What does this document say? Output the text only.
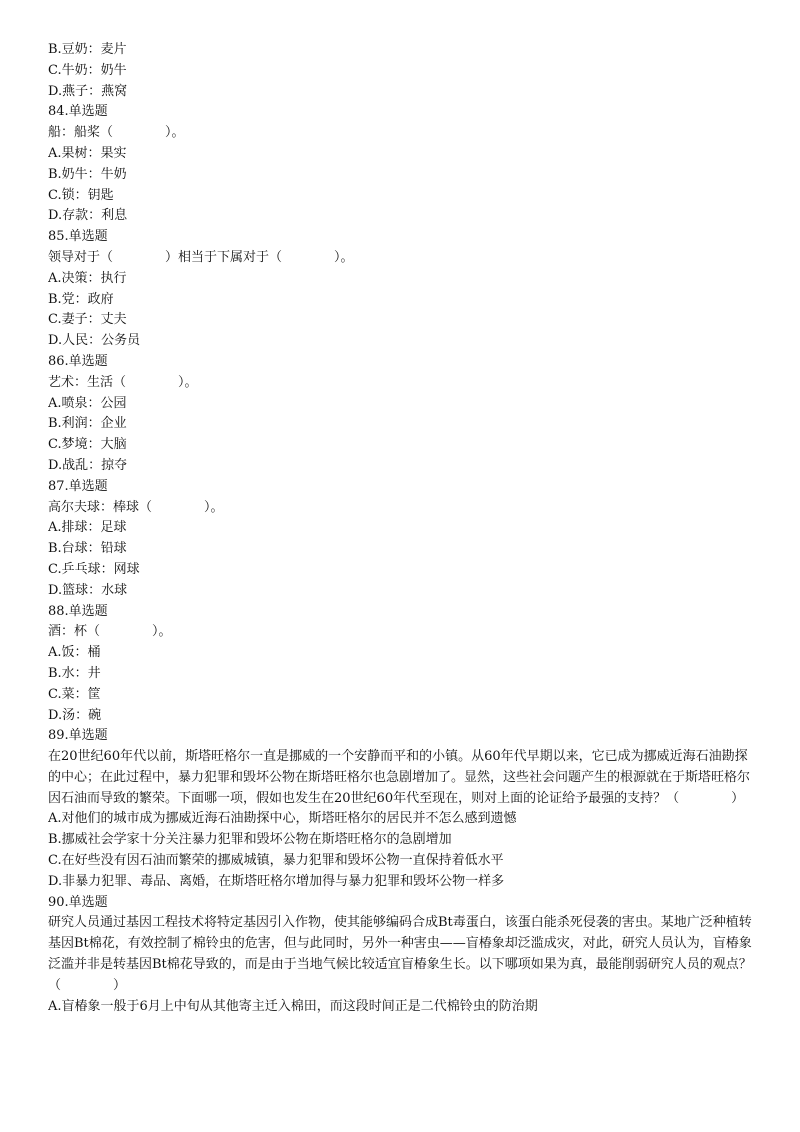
B.豆奶：麦片
C.牛奶：奶牛
D.燕子：燕窝
84.单选题
船：船桨（　　　　）。
A.果树：果实
B.奶牛：牛奶
C.锁：钥匙
D.存款：利息
85.单选题
领导对于（　　　　）相当于下属对于（　　　　）。
A.决策：执行
B.党：政府
C.妻子：丈夫
D.人民：公务员
86.单选题
艺术：生活（　　　　）。
A.喷泉：公园
B.利润：企业
C.梦境：大脑
D.战乱：掠夺
87.单选题
高尔夫球：棒球（　　　　）。
A.排球：足球
B.台球：铅球
C.乒乓球：网球
D.篮球：水球
88.单选题
酒：杯（　　　　）。
A.饭：桶
B.水：井
C.菜：筐
D.汤：碗
89.单选题
在20世纪60年代以前，斯塔旺格尔一直是挪威的一个安静而平和的小镇。从60年代早期以来，它已成为挪威近海石油勘探的中心；在此过程中，暴力犯罪和毁坏公物在斯塔旺格尔也急剧增加了。显然，这些社会问题产生的根源就在于斯塔旺格尔因石油而导致的繁荣。下面哪一项，假如也发生在20世纪60年代至现在，则对上面的论证给予最强的支持？（　　　　）
A.对他们的城市成为挪威近海石油勘探中心，斯塔旺格尔的居民并不怎么感到遗憾
B.挪威社会学家十分关注暴力犯罪和毁坏公物在斯塔旺格尔的急剧增加
C.在好些没有因石油而繁荣的挪威城镇，暴力犯罪和毁坏公物一直保持着低水平
D.非暴力犯罪、毒品、离婚，在斯塔旺格尔增加得与暴力犯罪和毁坏公物一样多
90.单选题
研究人员通过基因工程技术将特定基因引入作物，使其能够编码合成Bt毒蛋白，该蛋白能杀死侵袭的害虫。某地广泛种植转基因Bt棉花，有效控制了棉铃虫的危害，但与此同时，另外一种害虫——盲椿象却泛滥成灾，对此，研究人员认为，盲椿象泛滥并非是转基因Bt棉花导致的，而是由于当地气候比较适宜盲椿象生长。以下哪项如果为真，最能削弱研究人员的观点？（　　　　）
A.盲椿象一般于6月上中旬从其他寄主迁入棉田，而这段时间正是二代棉铃虫的防治期
